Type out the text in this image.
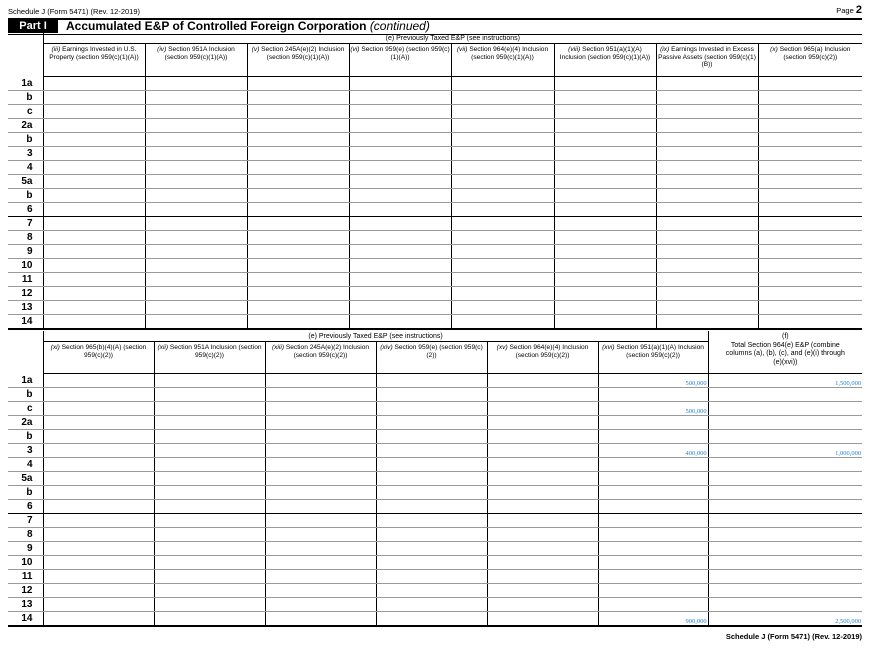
Schedule J (Form 5471) (Rev. 12-2019)	Page 2
Part I	Accumulated E&P of Controlled Foreign Corporation (continued)
	(e) Previously Taxed E&P (see instructions)							
	(iii) Earnings Invested in U.S. Property (section 959(c)(1)(A))	(iv) Section 951A Inclusion (section 959(c)(1)(A))	(v) Section 245A(e)(2) Inclusion (section 959(c)(1)(A))	(vi) Section 959(e) (section 959(c)(1)(A))	(vii) Section 964(e)(4) Inclusion (section 959(c)(1)(A))	(viii) Section 951(a)(1)(A) Inclusion (section 959(c)(1)(A))	(ix) Earnings Invested in Excess Passive Assets (section 959(c)(1)(B))	(x) Section 965(a) Inclusion (section 959(c)(2))
1a								
b								
c								
2a								
b								
3								
4								
5a								
b								
6								
7								
8								
9								
10								
11								
12								
13								
14								
	(e) Previously Taxed E&P (see instructions)						(f)
Total Section 964(e) E&P (combine columns (a), (b), (c), and (e)(i) through (e)(xvi))

	(xi) Section 965(b)(4)(A) (section 959(c)(2))	(xii) Section 951A Inclusion (section 959(c)(2))	(xiii) Section 245A(e)(2) Inclusion (section 959(c)(2))	(xiv) Section 959(e) (section 959(c)(2))	(xv) Section 964(e)(4) Inclusion (section 959(c)(2))	(xvi) Section 951(a)(1)(A) Inclusion (section 959(c)(2))	
1a						500,000	1,500,000
b							
c						500,000	
2a							
b							
3						400,000	1,000,000
4							
5a							
b							
6							
7							
8							
9							
10							
11							
12							
13							
14						900,000	2,500,000
Schedule J (Form 5471) (Rev. 12-2019)
